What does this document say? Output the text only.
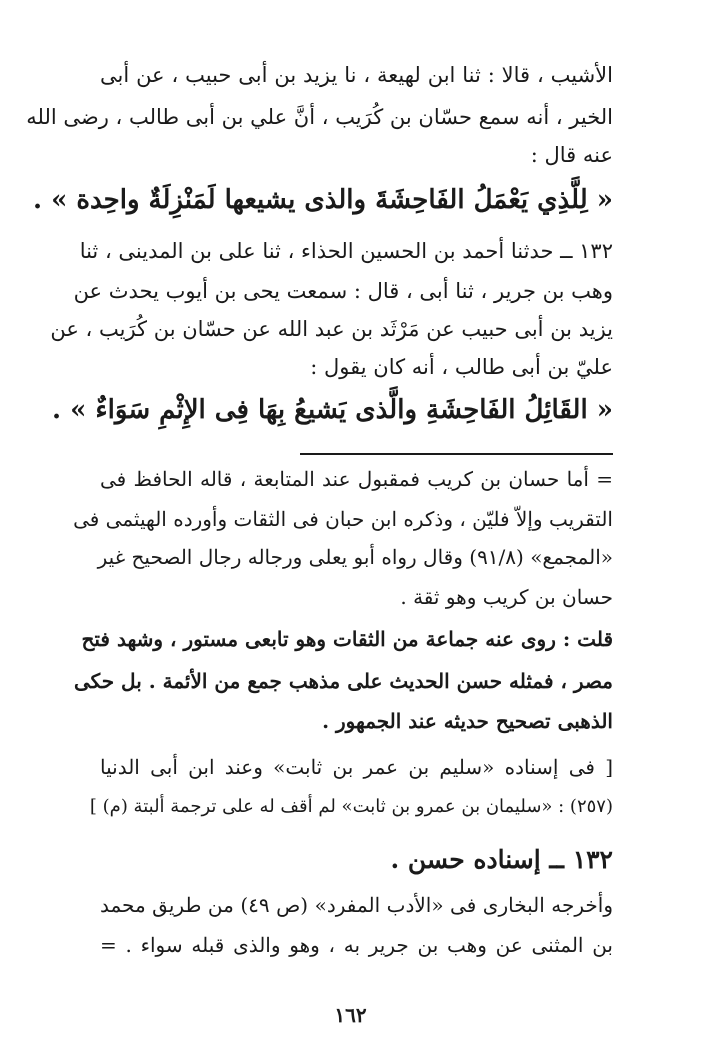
الأشيب ، قالا : ثنا ابن لهيعة ، نا يزيد بن أبى حبيب ، عن أبى
الخير ، أنه سمع حسّان بن كُرَيب ، أنَّ علي بن أبى طالب ، رضى الله
عنه قال :
« لِلَّذِي يَعْمَلُ الفَاحِشَةَ والذى يشيعها لَمَنْزِلَةٌ واحِدة » .
١٣٢ ــ حدثنا أحمد بن الحسين الحذاء ، ثنا على بن المدينى ، ثنا
وهب بن جرير ، ثنا أبى ، قال : سمعت يحى بن أيوب يحدث عن
يزيد بن أبى حبيب عن مَرْثَد بن عبد الله عن حسّان بن كُرَيب ، عن
عليّ بن أبى طالب ، أنه كان يقول :
« القَائِلُ الفَاحِشَةِ والَّذى يَشيعُ بِهَا فِى الإِثْمِ سَوَاءٌ » .
= أما حسان بن كريب فمقبول عند المتابعة ، قاله الحافظ فى
التقريب وإلاّ فليّن ، وذكره ابن حبان فى الثقات وأورده الهيثمى فى
«المجمع» (٩١/٨) وقال رواه أبو يعلى ورجاله رجال الصحيح غير
حسان بن كريب وهو ثقة .
قلت : روى عنه جماعة من الثقات وهو تابعى مستور ، وشهد فتح
مصر ، فمثله حسن الحديث على مذهب جمع من الأئمة . بل حكى
الذهبى تصحيح حديثه عند الجمهور .
[ فى إسناده «سليم بن عمر بن ثابت» وعند ابن أبى الدنيا
(٢٥٧) : «سليمان بن عمرو بن ثابت» لم أقف له على ترجمة ألبتة (م) ]
١٣٢ ــ إسناده حسن .
وأخرجه البخارى فى «الأدب المفرد» (ص ٤٩) من طريق محمد
بن المثنى عن وهب بن جرير به ، وهو والذى قبله سواء . =
١٦٢
